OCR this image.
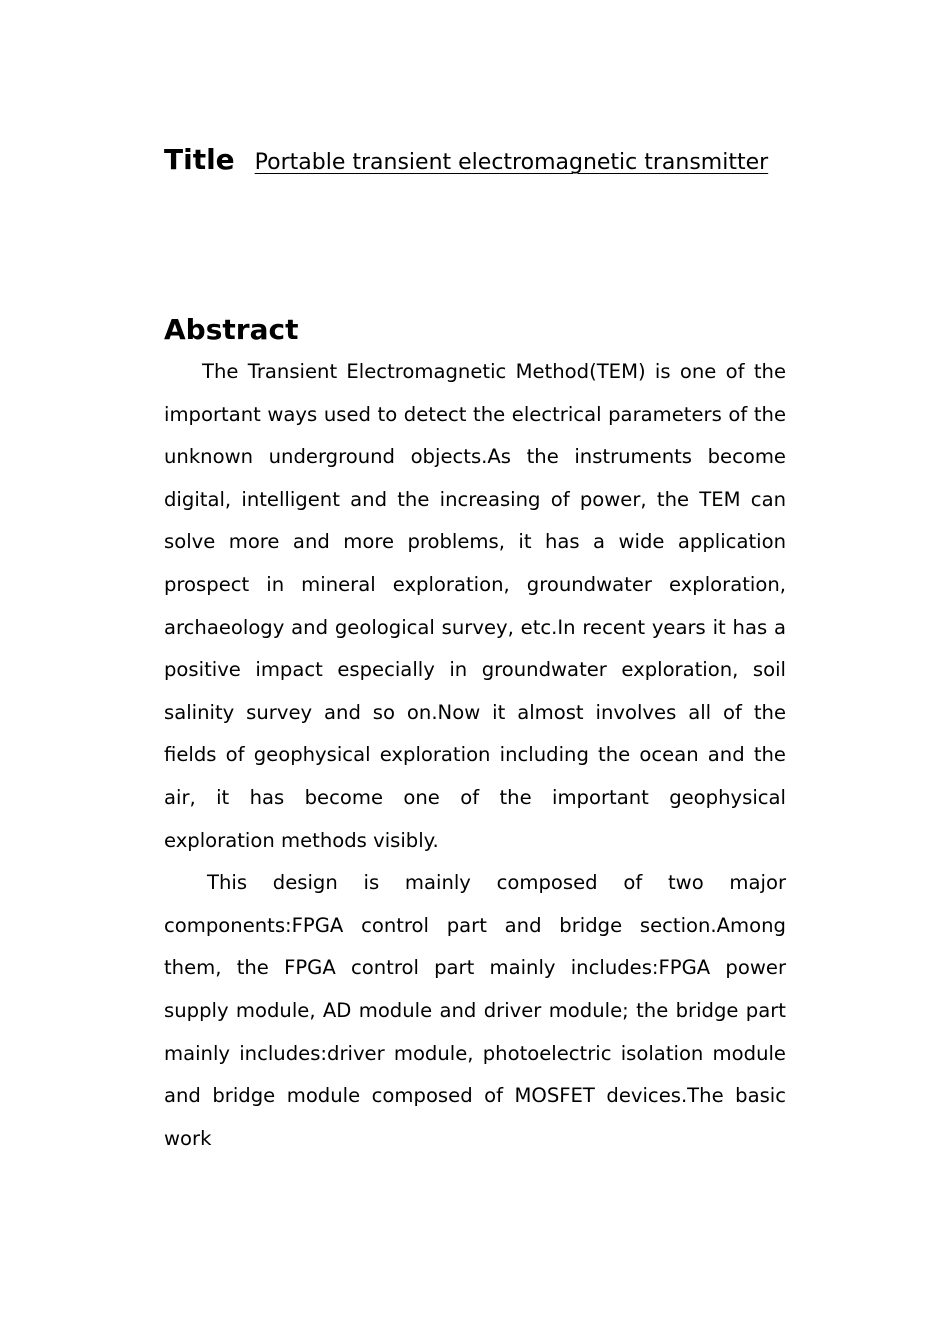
Title Portable transient electromagnetic transmitter
Abstract

The Transient Electromagnetic Method(TEM) is one of the important ways used to detect the electrical parameters of the unknown underground objects.As the instruments become digital, intelligent and the increasing of power, the TEM can solve more and more problems, it has a wide application prospect in mineral exploration, groundwater exploration, archaeology and geological survey, etc.In recent years it has a positive impact especially in groundwater exploration, soil salinity survey and so on.Now it almost involves all of the fields of geophysical exploration including the ocean and the air, it has become one of the important geophysical exploration methods visibly.

This design is mainly composed of two major components:FPGA control part and bridge section.Among them, the FPGA control part mainly includes:FPGA power supply module, AD module and driver module; the bridge part mainly includes:driver module, photoelectric isolation module and bridge module composed of MOSFET devices.The basic work
